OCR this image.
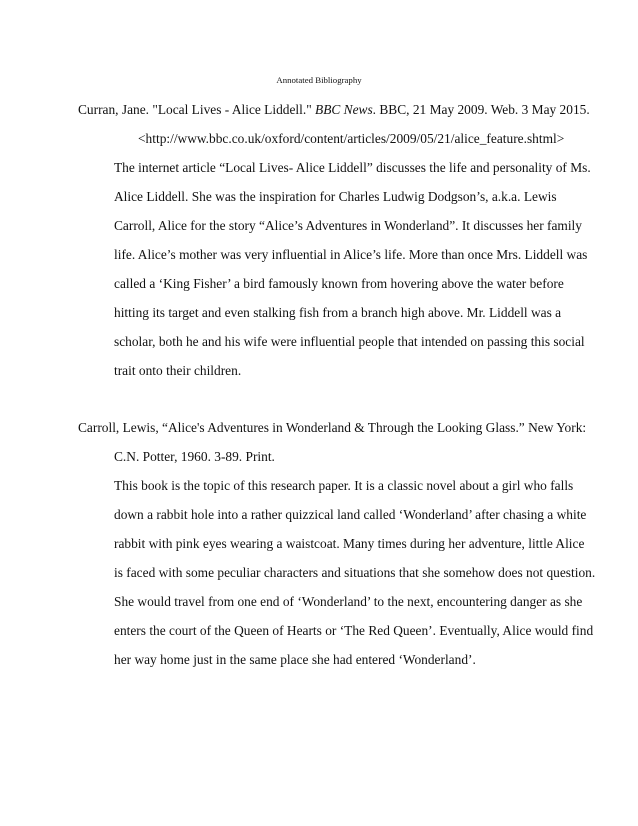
Annotated Bibliography
Curran, Jane. "Local Lives - Alice Liddell." BBC News. BBC, 21 May 2009. Web. 3 May 2015.
<http://www.bbc.co.uk/oxford/content/articles/2009/05/21/alice_feature.shtml>
The internet article “Local Lives- Alice Liddell” discusses the life and personality of Ms.
Alice Liddell. She was the inspiration for Charles Ludwig Dodgson’s, a.k.a. Lewis
Carroll, Alice for the story “Alice’s Adventures in Wonderland”. It discusses her family
life. Alice’s mother was very influential in Alice’s life. More than once Mrs. Liddell was
called a ‘King Fisher’ a bird famously known from hovering above the water before
hitting its target and even stalking fish from a branch high above. Mr. Liddell was a
scholar, both he and his wife were influential people that intended on passing this social
trait onto their children.
Carroll, Lewis, “Alice's Adventures in Wonderland & Through the Looking Glass.” New York:
C.N. Potter, 1960. 3-89. Print.
This book is the topic of this research paper. It is a classic novel about a girl who falls
down a rabbit hole into a rather quizzical land called ‘Wonderland’ after chasing a white
rabbit with pink eyes wearing a waistcoat. Many times during her adventure, little Alice
is faced with some peculiar characters and situations that she somehow does not question.
She would travel from one end of ‘Wonderland’ to the next, encountering danger as she
enters the court of the Queen of Hearts or ‘The Red Queen’. Eventually, Alice would find
her way home just in the same place she had entered ‘Wonderland’.
